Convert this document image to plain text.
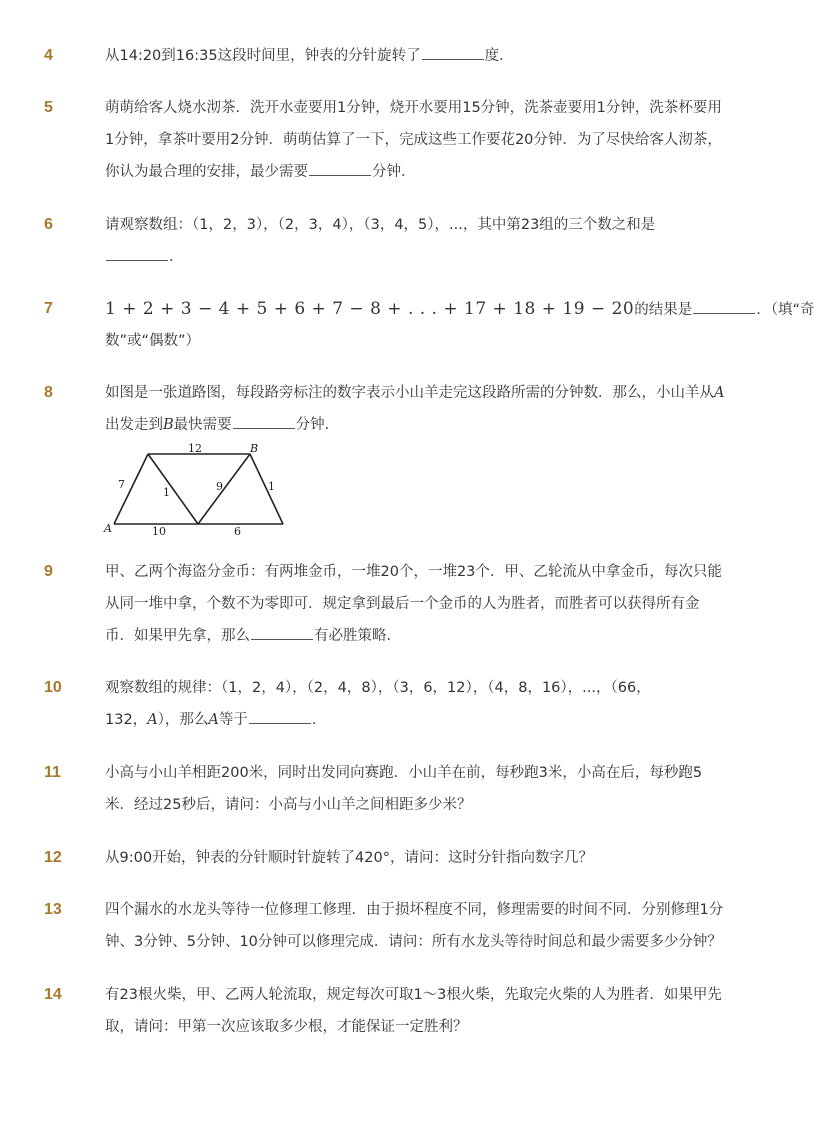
4	从14:20到16:35这段时间里，钟表的分针旋转了	度．
5	萌萌给客人烧水沏茶．洗开水壶要用1分钟，烧开水要用15分钟，洗茶壶要用1分钟，洗茶杯要用
1分钟，拿茶叶要用2分钟．萌萌估算了一下，完成这些工作要花20分钟．为了尽快给客人沏茶，
你认为最合理的安排，最少需要	分钟．
6	请观察数组：（1，2，3），（2，3，4），（3，4，5），...，其中第23组的三个数之和是
．
7	1 + 2 + 3 − 4 + 5 + 6 + 7 − 8 + . . . + 17 + 18 + 19 − 20的结果是	．（填“奇
数”或“偶数”）
8	如图是一张道路图，每段路旁标注的数字表示小山羊走完这段路所需的分钟数．那么，小山羊从A
出发走到B最快需要	分钟．
A
B
12
7
1	9	1
10	6
9	甲、乙两个海盗分金币：有两堆金币，一堆20个，一堆23个．甲、乙轮流从中拿金币，每次只能
从同一堆中拿，个数不为零即可．规定拿到最后一个金币的人为胜者，而胜者可以获得所有金
币．如果甲先拿，那么	有必胜策略．
10	观察数组的规律：（1，2，4），（2，4，8），（3，6，12），（4，8，16），...，（66，
132，A），那么A等于	．
11	小高与小山羊相距200米，同时出发同向赛跑．小山羊在前，每秒跑3米，小高在后，每秒跑5
米．经过25秒后，请问：小高与小山羊之间相距多少米？
12	从9:00开始，钟表的分针顺时针旋转了420°，请问：这时分针指向数字几？
13	四个漏水的水龙头等待一位修理工修理．由于损坏程度不同，修理需要的时间不同．分别修理1分
钟、3分钟、5分钟、10分钟可以修理完成．请问：所有水龙头等待时间总和最少需要多少分钟？
14	有23根火柴，甲、乙两人轮流取，规定每次可取1～3根火柴，先取完火柴的人为胜者．如果甲先
取，请问：甲第一次应该取多少根，才能保证一定胜利？
